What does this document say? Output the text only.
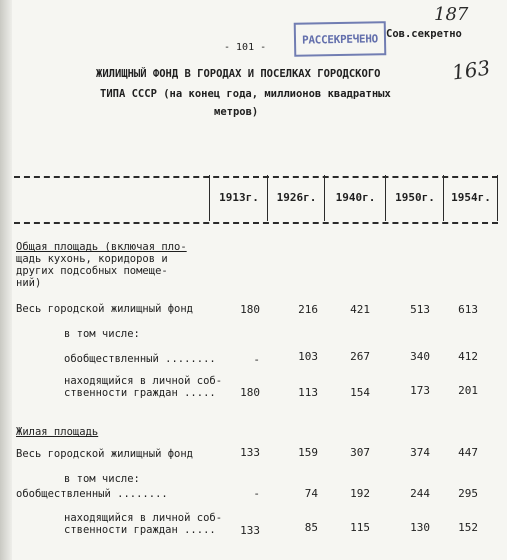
- 101 -
РАССЕКРЕЧЕНО Сов.секретно
187
163
ЖИЛИЩНЫЙ ФОНД В ГОРОДАХ И ПОСЕЛКАХ ГОРОДСКОГО
ТИПА СССР (на конец года, миллионов квадратных
метров)
1913г.	1926г.	1940г.	1950г.	1954г.
Общая площадь (включая пло-
щадь кухонь, коридоров и
других подсобных помеще-
ний)
Весь городской жилищный фонд	180	216	421	513	613
в том числе:
обобществленный ........	-	103	267	340	412
находящийся в личной соб-
ственности граждан .....	180	113	154	173	201
Жилая площадь
Весь городской жилищный фонд	133	159	307	374	447
в том числе:
обобществленный ........	-	74	192	244	295
находящийся в личной соб-
ственности граждан .....	133	85	115	130	152
